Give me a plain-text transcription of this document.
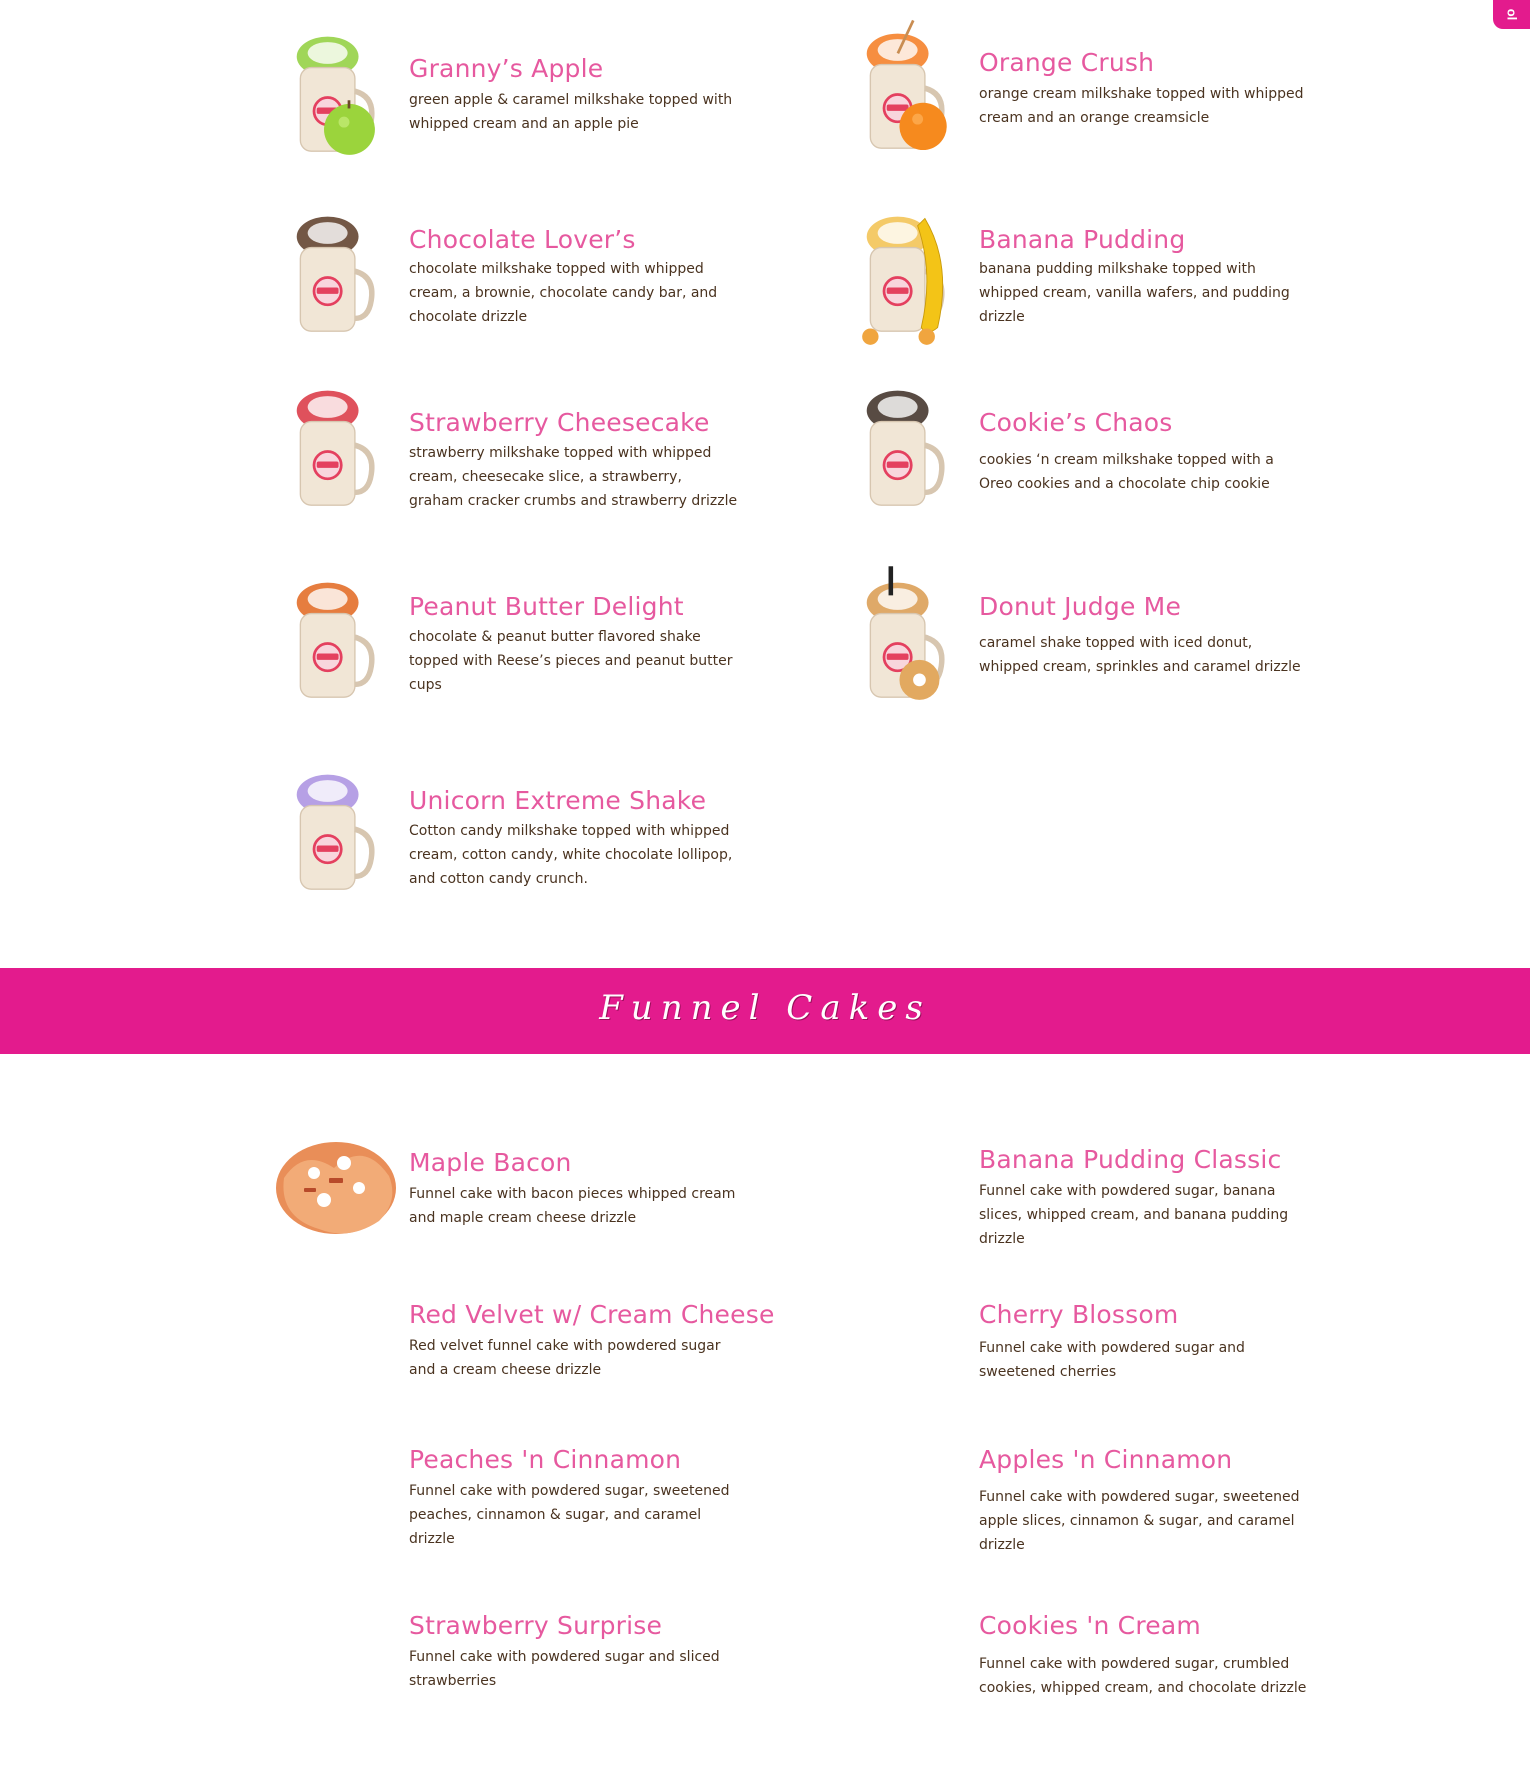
ol
Granny’s Apple
green apple & caramel milkshake topped with whipped cream and an apple pie
Orange Crush
orange cream milkshake topped with whipped cream and an orange creamsicle
Chocolate Lover’s
chocolate milkshake topped with whipped cream, a brownie, chocolate candy bar, and chocolate drizzle
Banana Pudding
banana pudding milkshake topped with whipped cream, vanilla wafers, and pudding drizzle
Strawberry Cheesecake
strawberry milkshake topped with whipped cream, cheesecake slice, a strawberry, graham cracker crumbs and strawberry drizzle
Cookie’s Chaos
cookies ‘n cream milkshake topped with a Oreo cookies and a chocolate chip cookie
Peanut Butter Delight
chocolate & peanut butter flavored shake topped with Reese’s pieces and peanut butter cups
Donut Judge Me
caramel shake topped with iced donut, whipped cream, sprinkles and caramel drizzle
Unicorn Extreme Shake
Cotton candy milkshake topped with whipped cream, cotton candy, white chocolate lollipop, and cotton candy crunch.
Funnel Cakes
Maple Bacon
Funnel cake with bacon pieces whipped cream and maple cream cheese drizzle
Banana Pudding Classic
Funnel cake with powdered sugar, banana slices, whipped cream, and banana pudding drizzle
Red Velvet w/ Cream Cheese
Red velvet funnel cake with powdered sugar and a cream cheese drizzle
Cherry Blossom
Funnel cake with powdered sugar and sweetened cherries
Peaches 'n Cinnamon
Funnel cake with powdered sugar, sweetened peaches, cinnamon & sugar, and caramel drizzle
Apples 'n Cinnamon
Funnel cake with powdered sugar, sweetened apple slices, cinnamon & sugar, and caramel drizzle
Strawberry Surprise
Funnel cake with powdered sugar and sliced strawberries
Cookies 'n Cream
Funnel cake with powdered sugar, crumbled cookies, whipped cream, and chocolate drizzle
